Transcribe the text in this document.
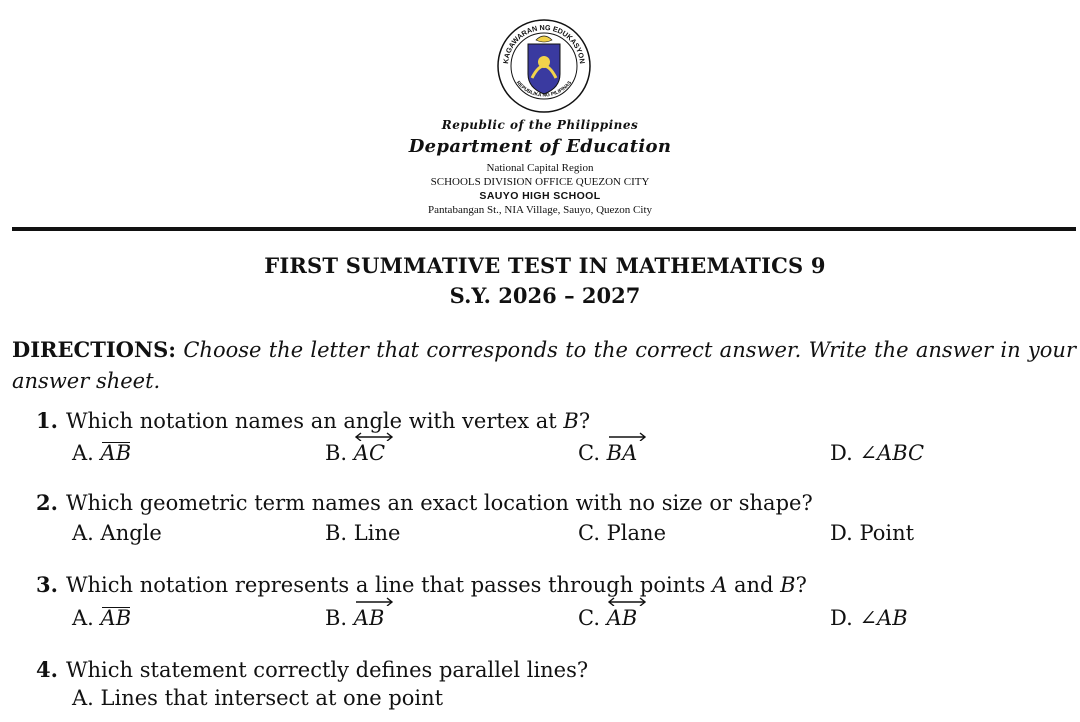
KAGAWARAN NG EDUKASYON
REPUBLIKA NG PILIPINAS
Republic of the Philippines
Department of Education
National Capital Region
SCHOOLS DIVISION OFFICE QUEZON CITY
SAUYO HIGH SCHOOL
Pantabangan St., NIA Village, Sauyo, Quezon City
FIRST SUMMATIVE TEST IN MATHEMATICS 9
S.Y. 2026 – 2027
DIRECTIONS: Choose the letter that corresponds to the correct answer. Write the answer in your answer sheet.
1. Which notation names an angle with vertex at B?
A. AB	B. AC	C. BA	D. ∠ABC
2. Which geometric term names an exact location with no size or shape?
A. Angle	B. Line	C. Plane	D. Point
3. Which notation represents a line that passes through points A and B?
A. AB	B. AB	C. AB	D. ∠AB
4. Which statement correctly defines parallel lines?
A. Lines that intersect at one point
